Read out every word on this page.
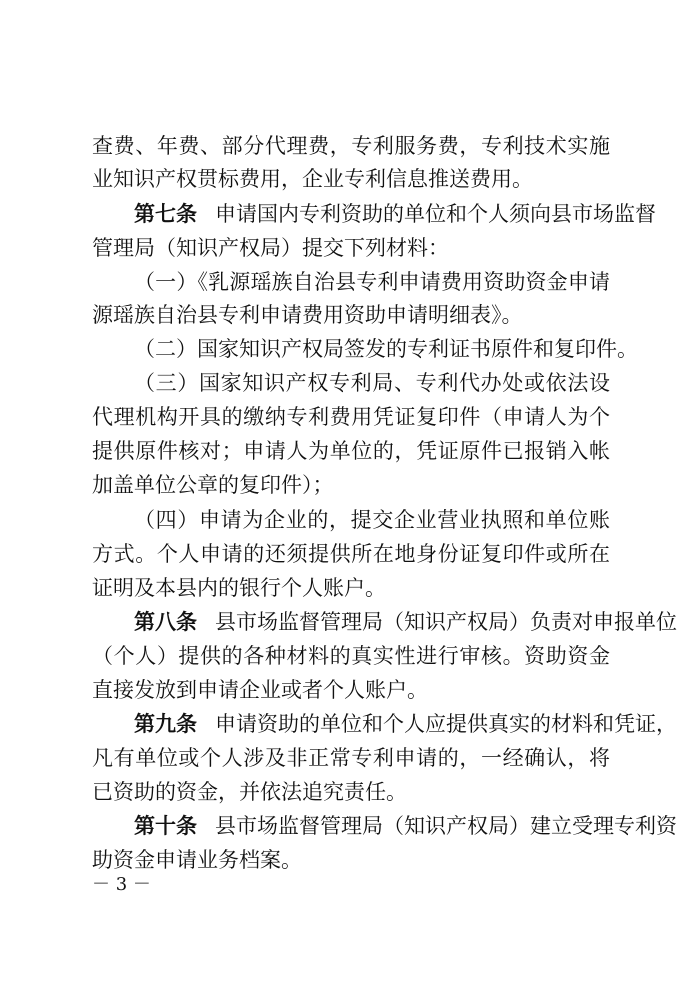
查费、年费、部分代理费，专利服务费，专利技术实施
业知识产权贯标费用，企业专利信息推送费用。
第七条 申请国内专利资助的单位和个人须向县市场监督
管理局（知识产权局）提交下列材料：
（一）《乳源瑶族自治县专利申请费用资助资金申请
源瑶族自治县专利申请费用资助申请明细表》。
（二）国家知识产权局签发的专利证书原件和复印件。
（三）国家知识产权专利局、专利代办处或依法设
代理机构开具的缴纳专利费用凭证复印件（申请人为个
提供原件核对；申请人为单位的，凭证原件已报销入帐
加盖单位公章的复印件）；
（四）申请为企业的，提交企业营业执照和单位账
方式。个人申请的还须提供所在地身份证复印件或所在
证明及本县内的银行个人账户。
第八条 县市场监督管理局（知识产权局）负责对申报单位
（个人）提供的各种材料的真实性进行审核。资助资金
直接发放到申请企业或者个人账户。
第九条 申请资助的单位和个人应提供真实的材料和凭证，
凡有单位或个人涉及非正常专利申请的，一经确认，将
已资助的资金，并依法追究责任。
第十条 县市场监督管理局（知识产权局）建立受理专利资
助资金申请业务档案。
－ 3 －
